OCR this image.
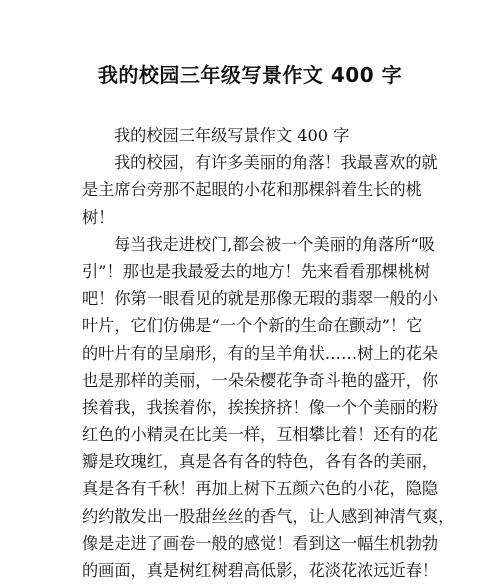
我的校园三年级写景作文 400 字
我的校园三年级写景作文 400 字
我的校园，有许多美丽的角落！我最喜欢的就
是主席台旁那不起眼的小花和那棵斜着生长的桃
树！
每当我走进校门,都会被一个美丽的角落所“吸
引”！那也是我最爱去的地方！先来看看那棵桃树
吧！你第一眼看见的就是那像无瑕的翡翠一般的小
叶片，它们仿佛是“一个个新的生命在颤动”！它
的叶片有的呈扇形，有的呈羊角状……树上的花朵
也是那样的美丽，一朵朵樱花争奇斗艳的盛开，你
挨着我，我挨着你，挨挨挤挤！像一个个美丽的粉
红色的小精灵在比美一样，互相攀比着！还有的花
瓣是玫瑰红，真是各有各的特色，各有各的美丽，
真是各有千秋！再加上树下五颜六色的小花，隐隐
约约散发出一股甜丝丝的香气，让人感到神清气爽，
像是走进了画卷一般的感觉！看到这一幅生机勃勃
的画面，真是树红树碧高低影，花淡花浓远近春！
